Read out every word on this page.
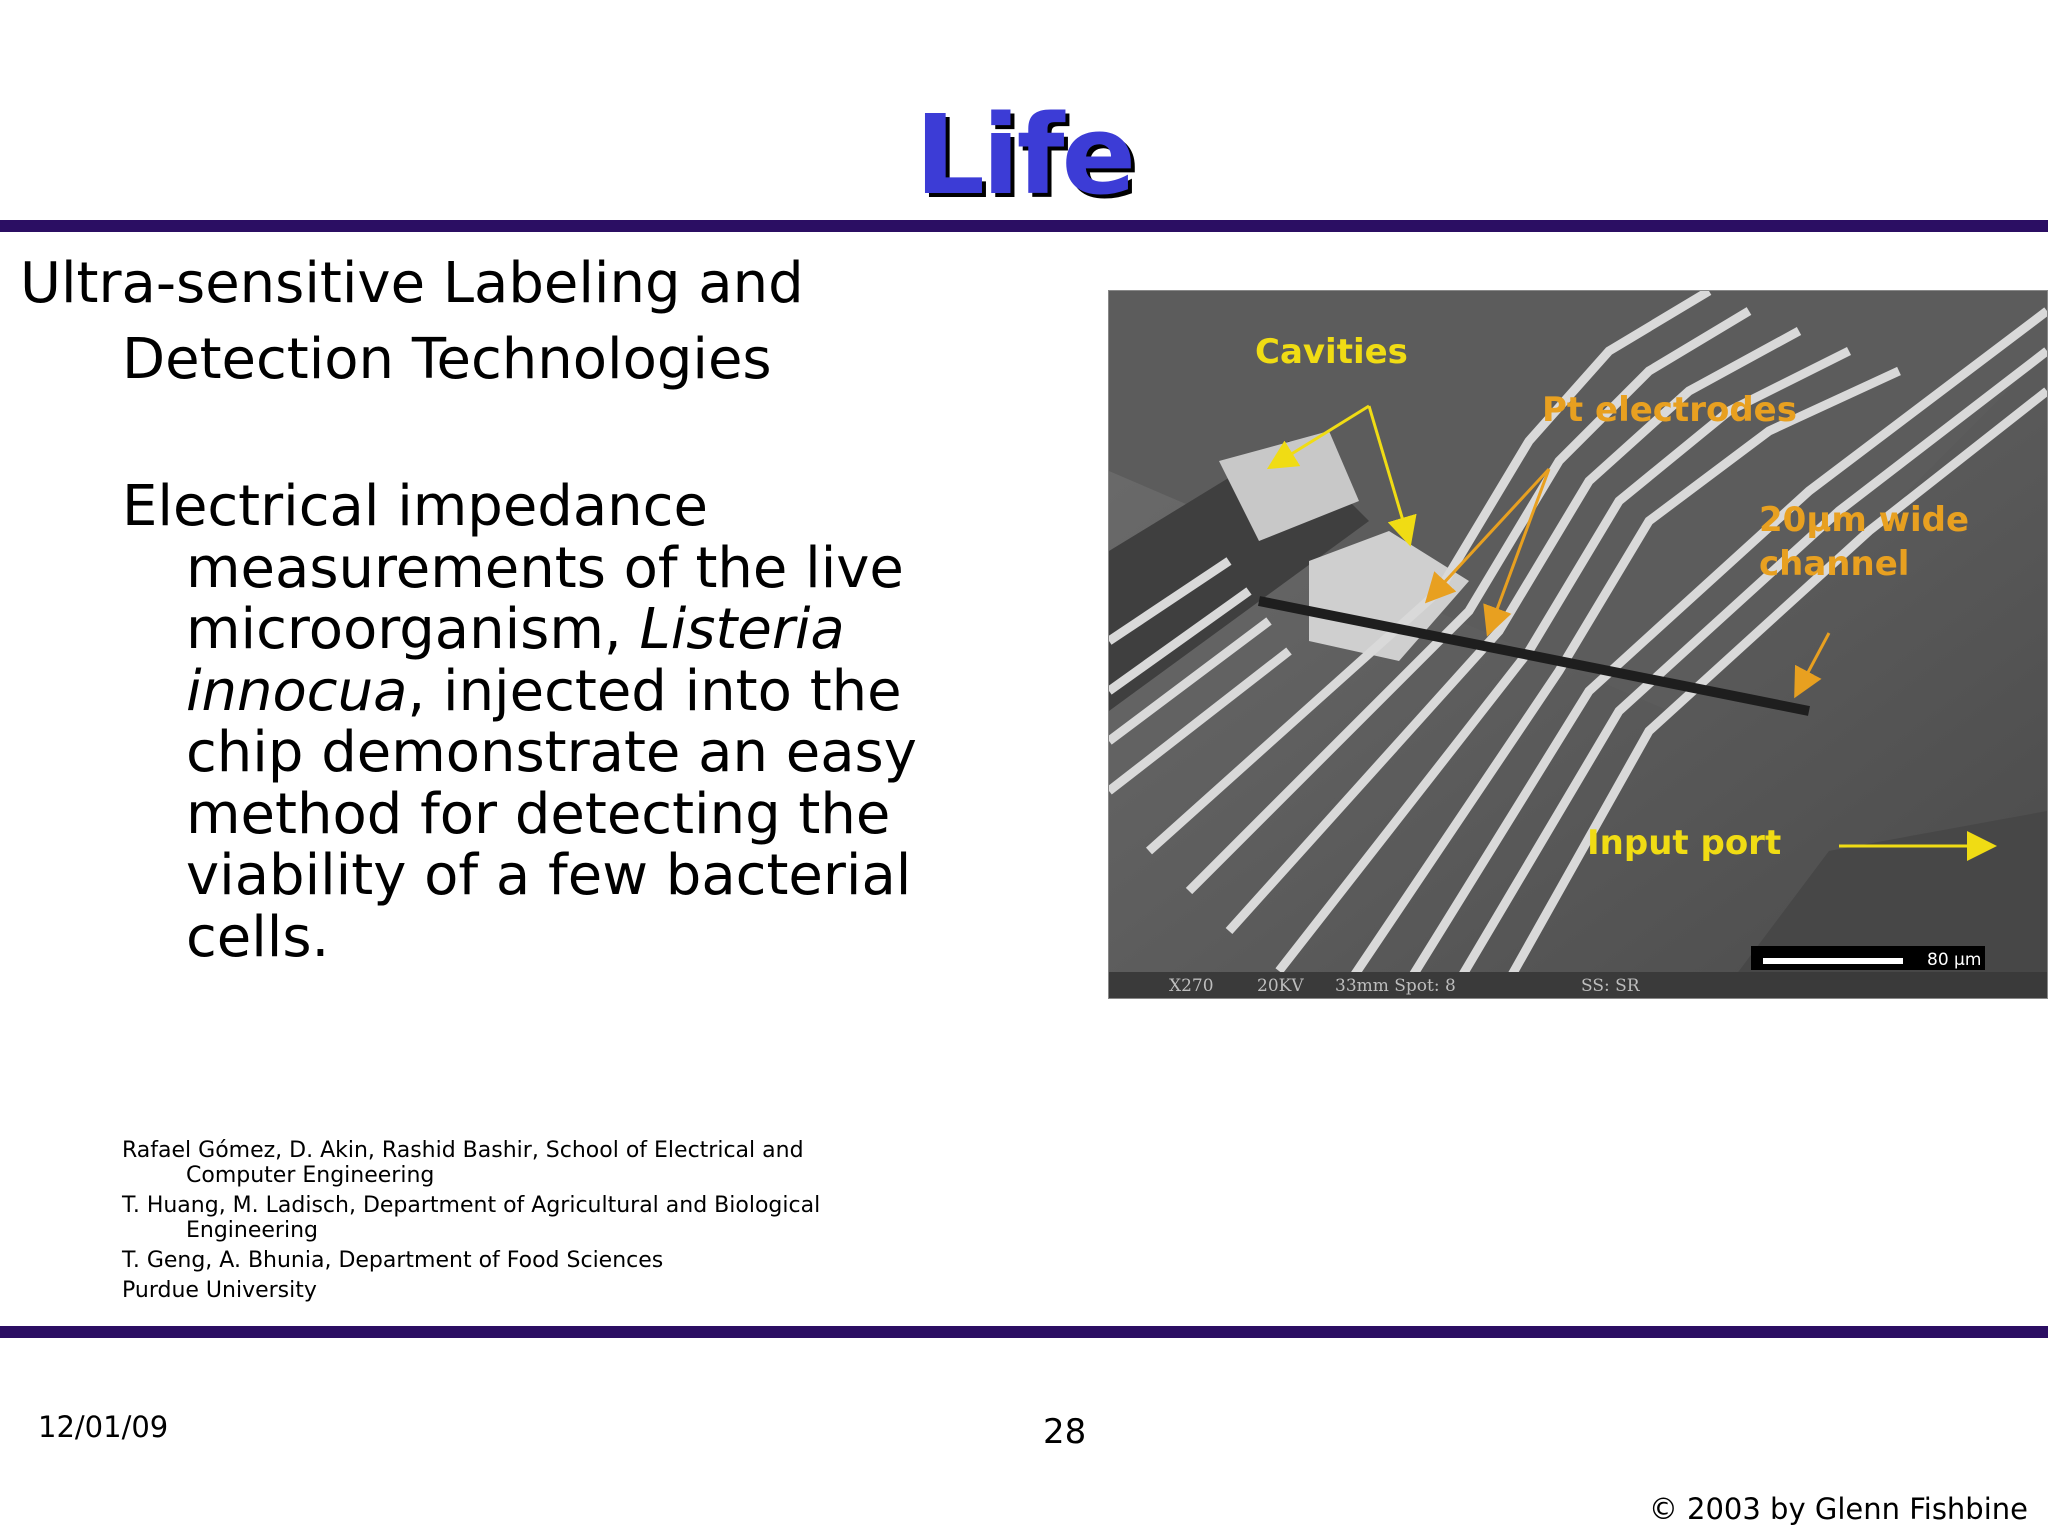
Life
Ultra-sensitive Labeling and
Detection Technologies
Electrical impedance measurements of the live microorganism, Listeria innocua, injected into the chip demonstrate an easy method for detecting the viability of a few bacterial cells.
Cavities
Pt electrodes
20µm wide
channel
Input port
80 µm
X270	20KV 33mm Spot: 8	SS: SR
Rafael Gómez, D. Akin, Rashid Bashir, School of Electrical and Computer Engineering
T. Huang, M. Ladisch, Department of Agricultural and Biological Engineering
T. Geng, A. Bhunia, Department of Food Sciences
Purdue University
12/01/09	28
© 2003 by Glenn Fishbine
